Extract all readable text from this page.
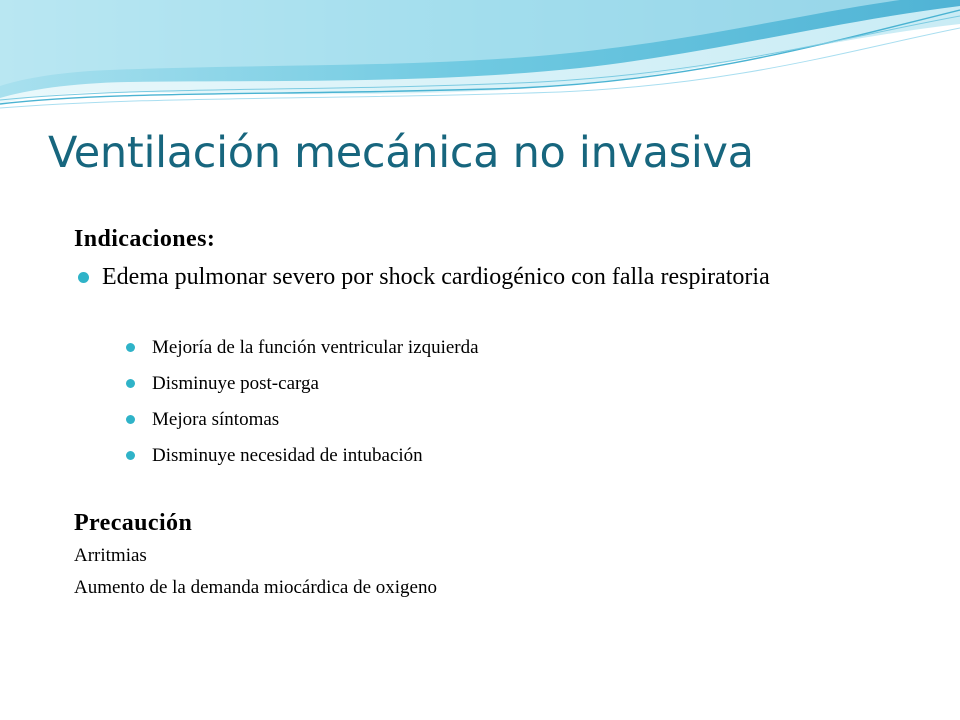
Ventilación mecánica no invasiva

Indicaciones:

Edema pulmonar severo por shock cardiogénico con falla respiratoria
Mejoría de la función ventricular izquierda
Disminuye post-carga
Mejora síntomas
Disminuye necesidad de intubación

Precaución

Arritmias

Aumento de la demanda miocárdica de oxigeno
